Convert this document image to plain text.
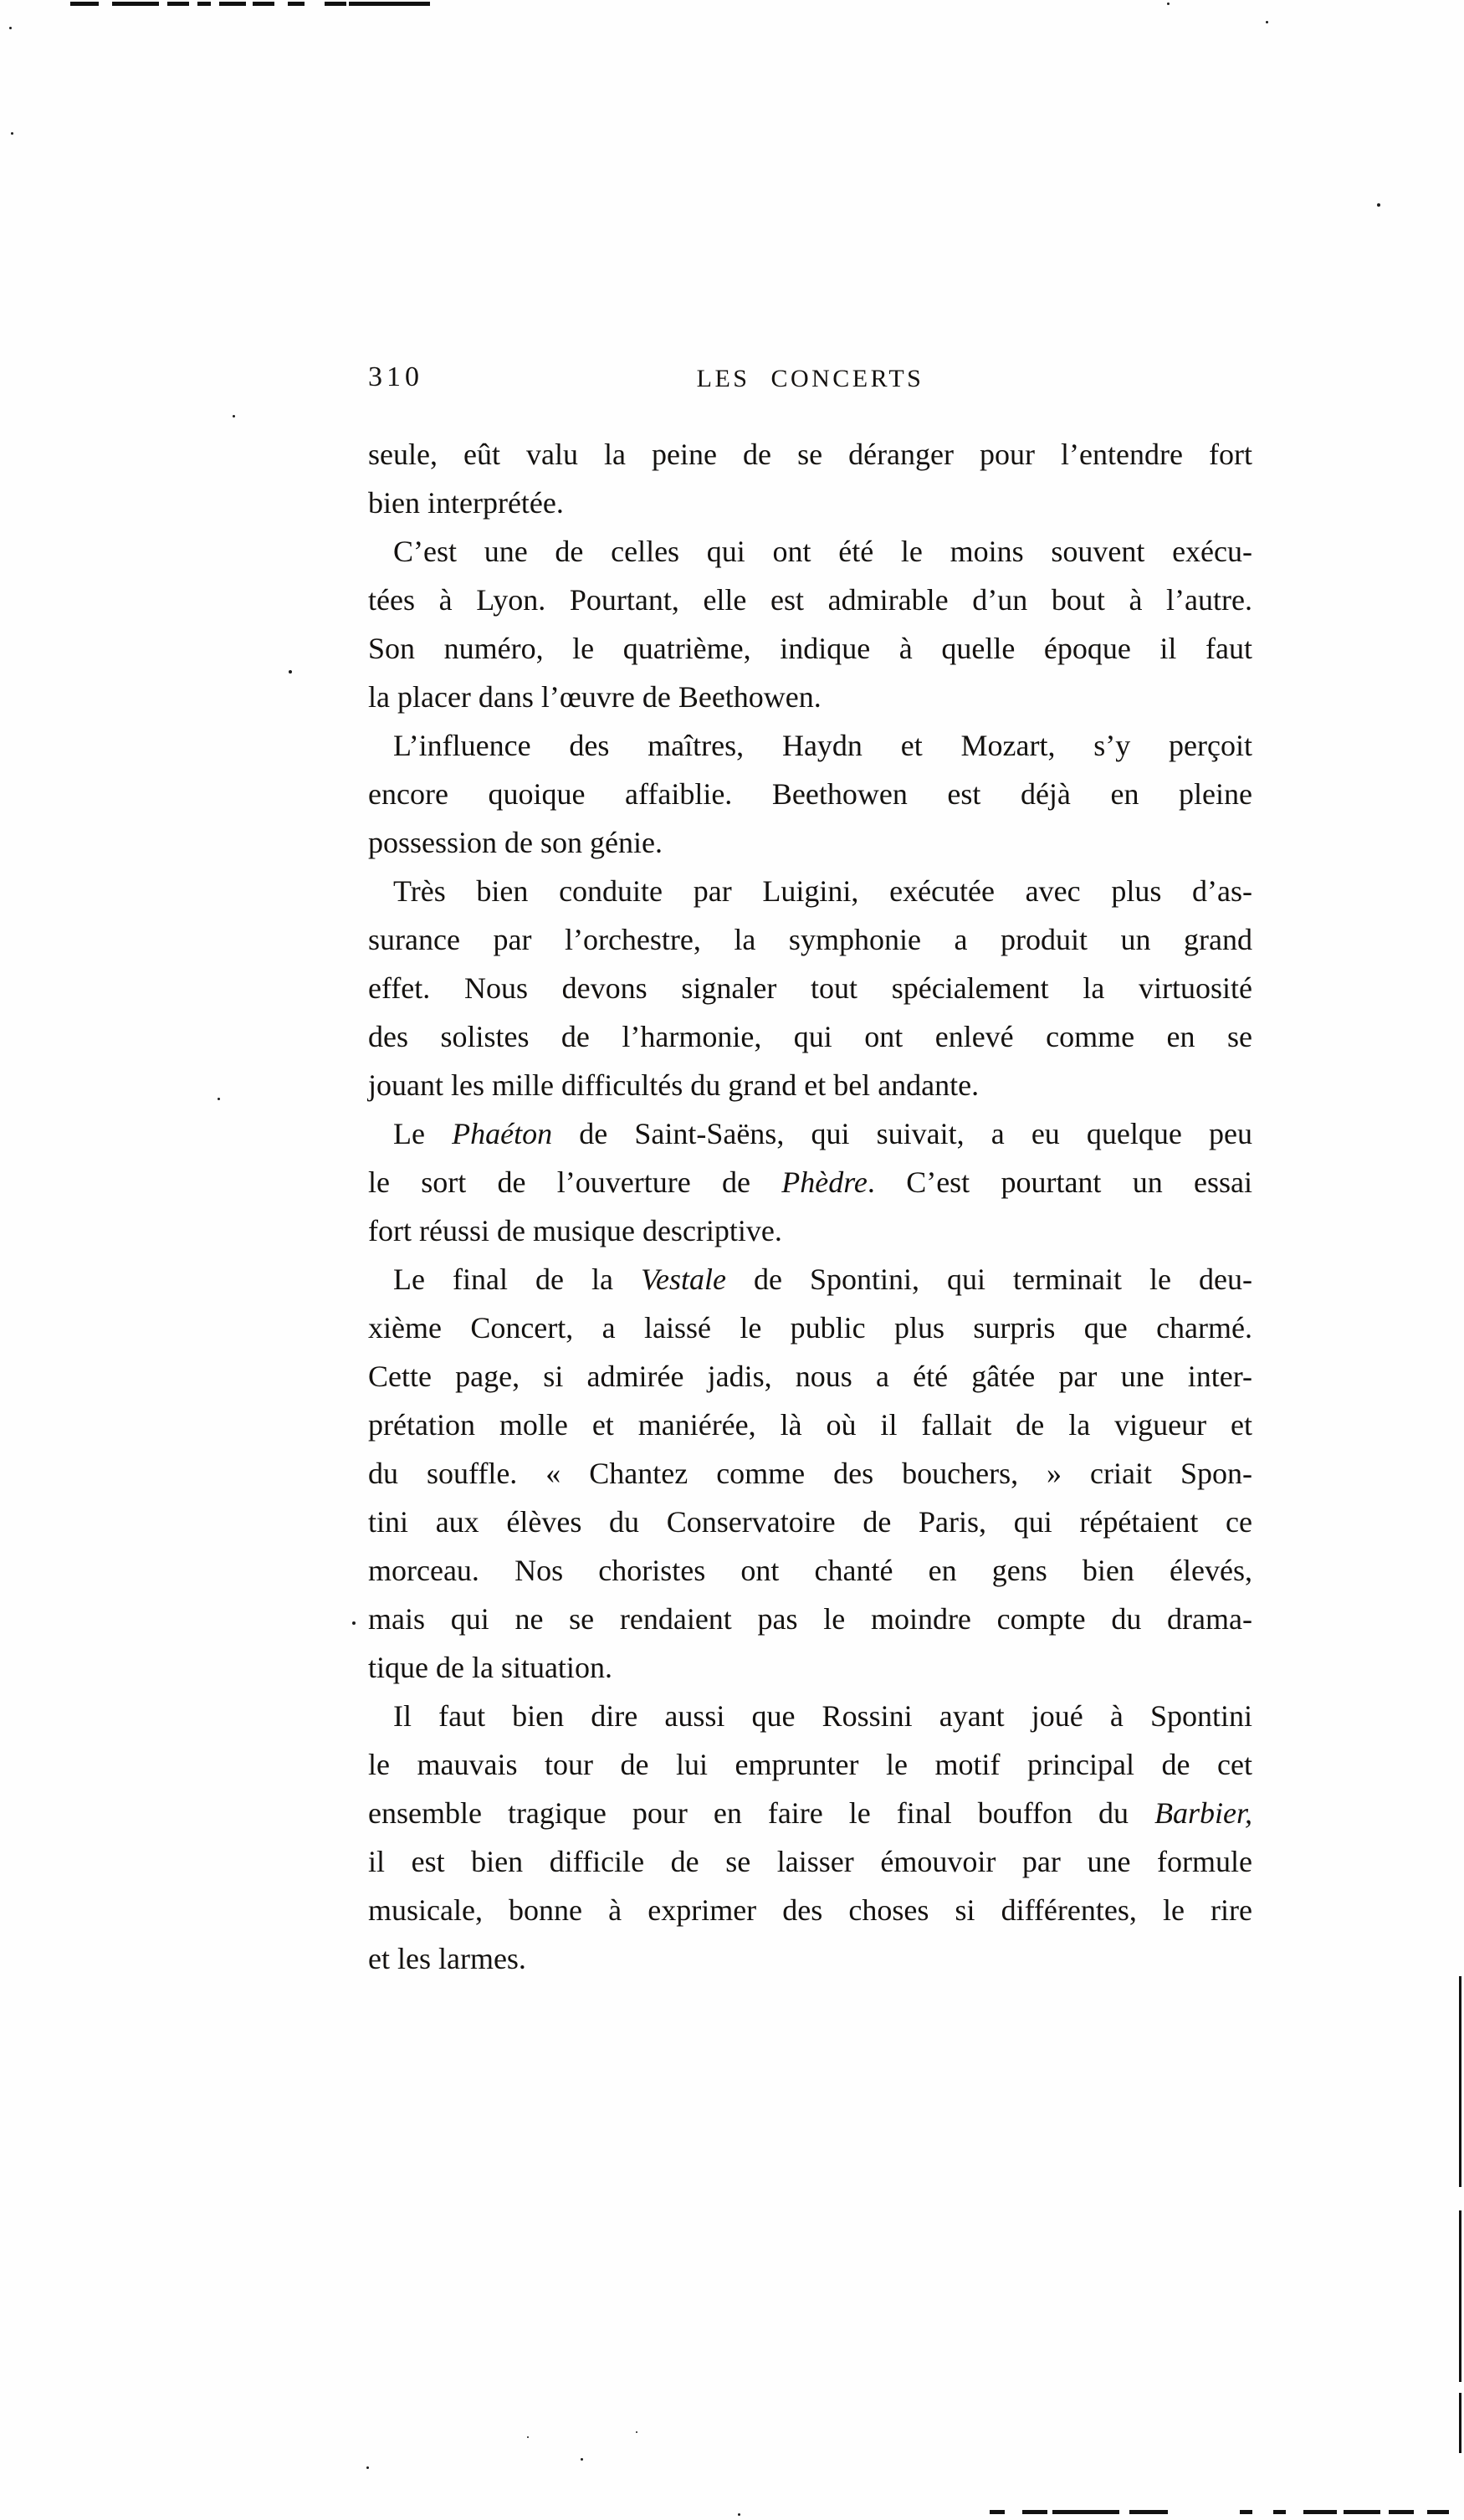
310	LES CONCERTS
seule, eût valu la peine de se déranger pour l’entendre fort
bien interprétée.
C’est une de celles qui ont été le moins souvent exécu-
tées à Lyon. Pourtant, elle est admirable d’un bout à l’autre.
Son numéro, le quatrième, indique à quelle époque il faut
la placer dans l’œuvre de Beethowen.
L’influence des maîtres, Haydn et Mozart, s’y perçoit
encore quoique affaiblie. Beethowen est déjà en pleine
possession de son génie.
Très bien conduite par Luigini, exécutée avec plus d’as-
surance par l’orchestre, la symphonie a produit un grand
effet. Nous devons signaler tout spécialement la virtuosité
des solistes de l’harmonie, qui ont enlevé comme en se
jouant les mille difficultés du grand et bel andante.
Le Phaéton de Saint-Saëns, qui suivait, a eu quelque peu
le sort de l’ouverture de Phèdre. C’est pourtant un essai
fort réussi de musique descriptive.
Le final de la Vestale de Spontini, qui terminait le deu-
xième Concert, a laissé le public plus surpris que charmé.
Cette page, si admirée jadis, nous a été gâtée par une inter-
prétation molle et maniérée, là où il fallait de la vigueur et
du souffle. « Chantez comme des bouchers, » criait Spon-
tini aux élèves du Conservatoire de Paris, qui répétaient ce
morceau. Nos choristes ont chanté en gens bien élevés,
mais qui ne se rendaient pas le moindre compte du drama-
tique de la situation.
Il faut bien dire aussi que Rossini ayant joué à Spontini
le mauvais tour de lui emprunter le motif principal de cet
ensemble tragique pour en faire le final bouffon du Barbier,
il est bien difficile de se laisser émouvoir par une formule
musicale, bonne à exprimer des choses si différentes, le rire
et les larmes.
